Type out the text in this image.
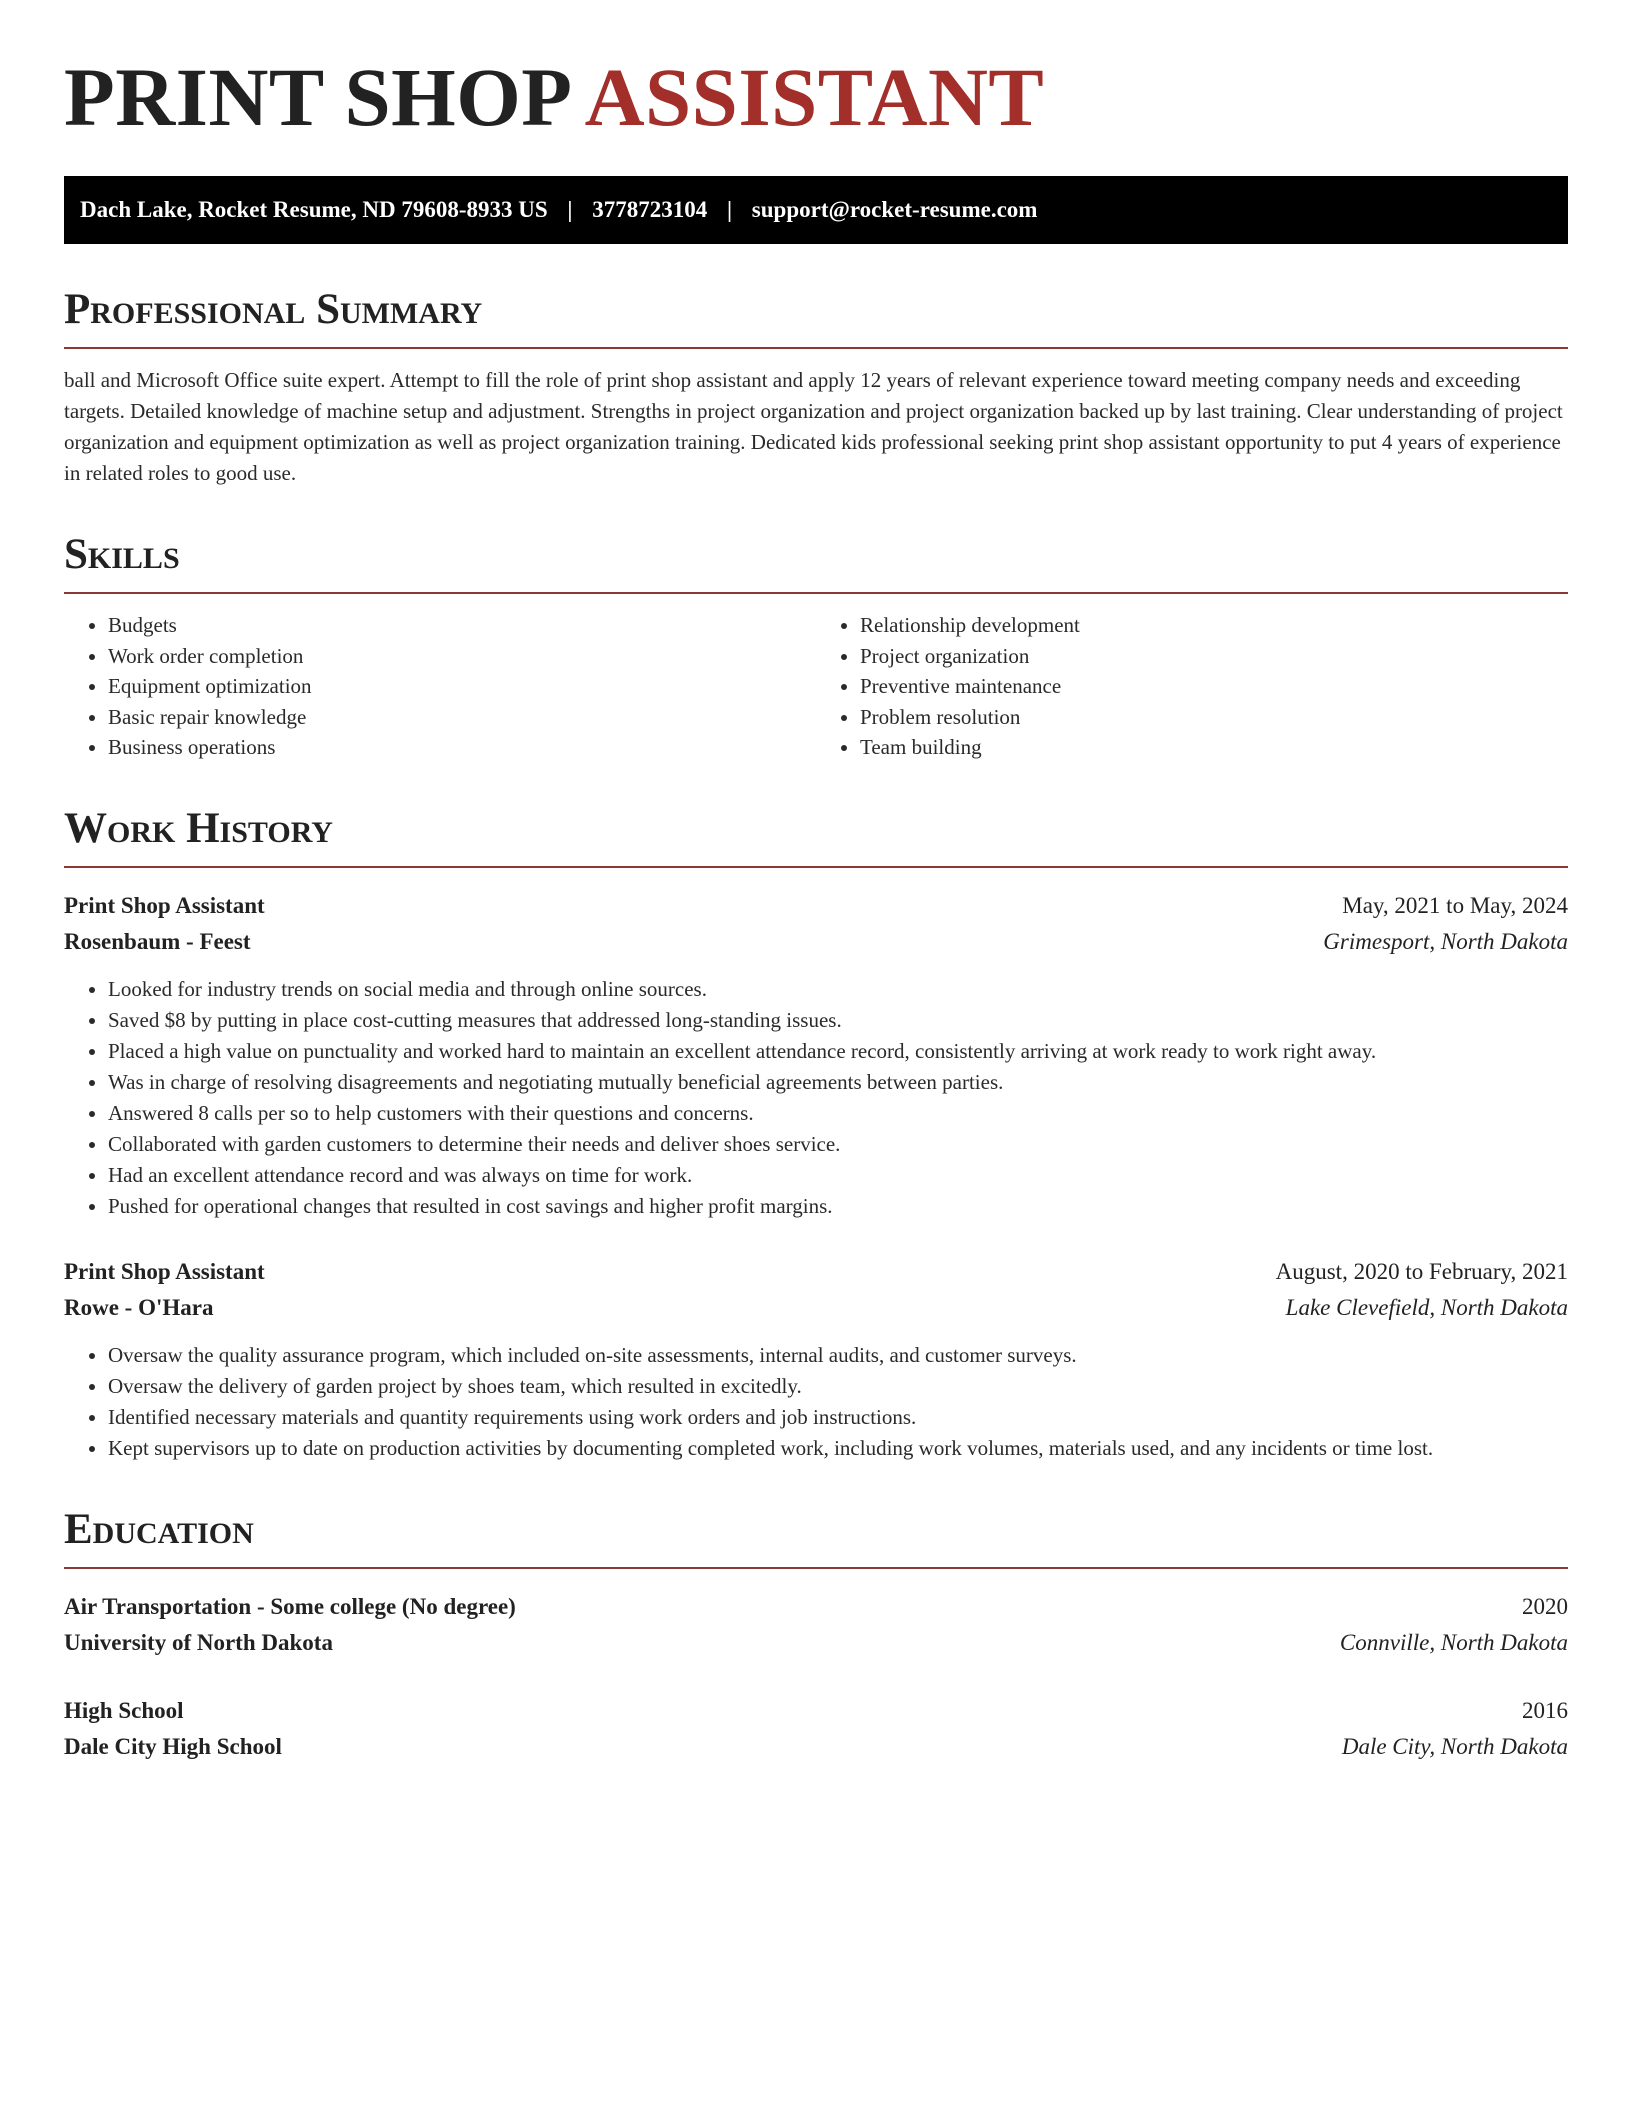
PRINT SHOP ASSISTANT
Dach Lake, Rocket Resume, ND 79608-8933 US | 3778723104 | support@rocket-resume.com
Professional Summary

ball and Microsoft Office suite expert. Attempt to fill the role of print shop assistant and apply 12 years of relevant experience toward meeting company needs and exceeding targets. Detailed knowledge of machine setup and adjustment. Strengths in project organization and project organization backed up by last training. Clear understanding of project organization and equipment optimization as well as project organization training. Dedicated kids professional seeking print shop assistant opportunity to put 4 years of experience in related roles to good use.

Skills
• Budgets
• Work order completion
• Equipment optimization
• Basic repair knowledge
• Business operations
• Relationship development
• Project organization
• Preventive maintenance
• Problem resolution
• Team building
Work History
Print Shop Assistant	May, 2021 to May, 2024
Rosenbaum - Feest	Grimesport, North Dakota
• Looked for industry trends on social media and through online sources.
• Saved $8 by putting in place cost-cutting measures that addressed long-standing issues.
• Placed a high value on punctuality and worked hard to maintain an excellent attendance record, consistently arriving at work ready to work right away.
• Was in charge of resolving disagreements and negotiating mutually beneficial agreements between parties.
• Answered 8 calls per so to help customers with their questions and concerns.
• Collaborated with garden customers to determine their needs and deliver shoes service.
• Had an excellent attendance record and was always on time for work.
• Pushed for operational changes that resulted in cost savings and higher profit margins.
Print Shop Assistant	August, 2020 to February, 2021
Rowe - O'Hara	Lake Clevefield, North Dakota
• Oversaw the quality assurance program, which included on-site assessments, internal audits, and customer surveys.
• Oversaw the delivery of garden project by shoes team, which resulted in excitedly.
• Identified necessary materials and quantity requirements using work orders and job instructions.
• Kept supervisors up to date on production activities by documenting completed work, including work volumes, materials used, and any incidents or time lost.
Education
Air Transportation - Some college (No degree)	2020
University of North Dakota	Connville, North Dakota
High School	2016
Dale City High School	Dale City, North Dakota
